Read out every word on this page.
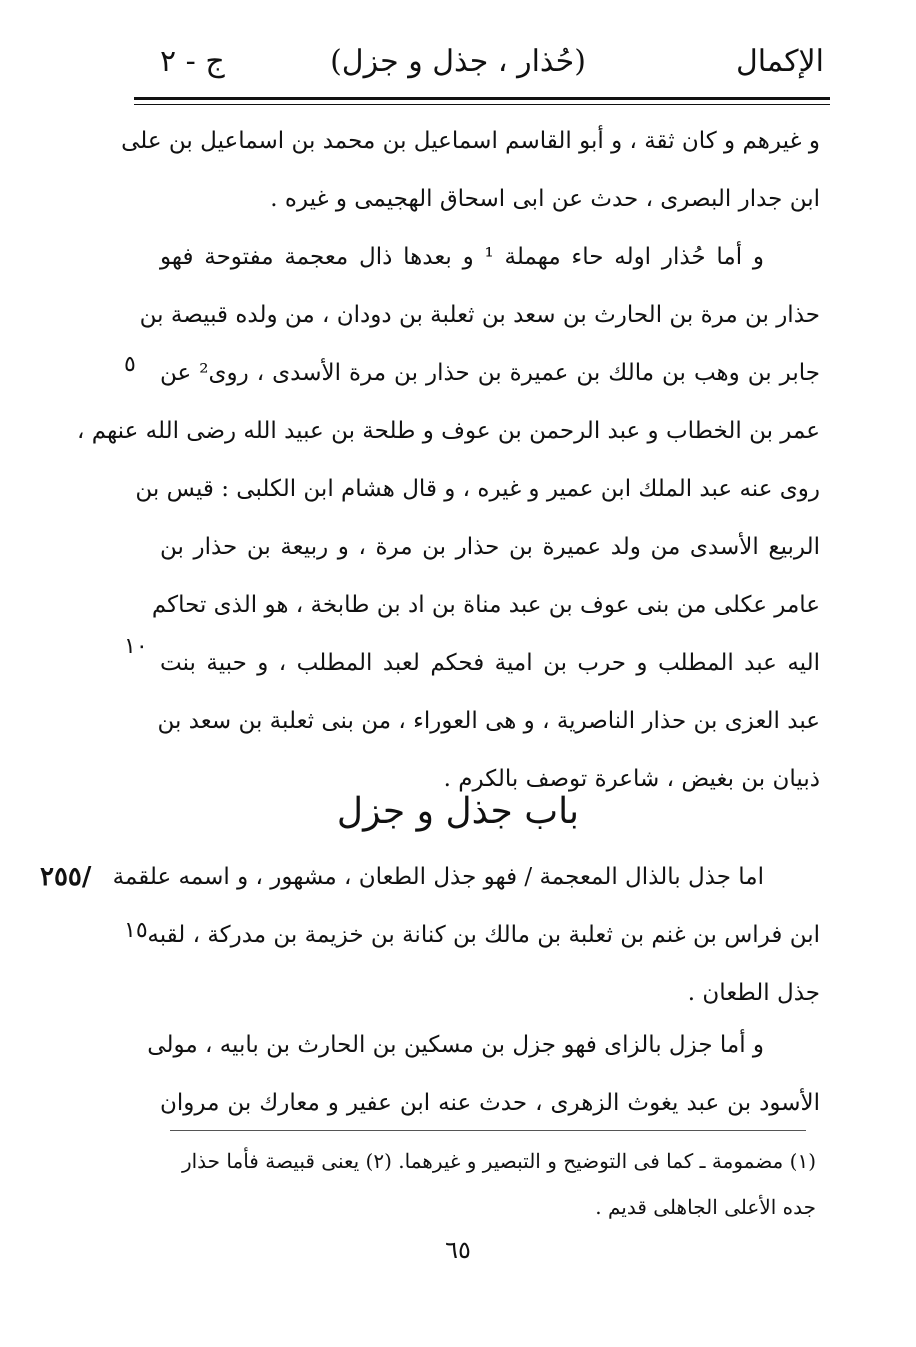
الإكمال
(حُذار ، جذل و جزل)
ج - ٢
و غيرهم و كان ثقة ، و أبو القاسم اسماعيل بن محمد بن اسماعيل بن على
ابن جدار البصرى ، حدث عن ابى اسحاق الهجيمى و غيره .
و أما حُذار اوله حاء مهملة ¹ و بعدها ذال معجمة مفتوحة فهو
حذار بن مرة بن الحارث بن سعد بن ثعلبة بن دودان ، من ولده قبيصة بن
جابر بن وهب بن مالك بن عميرة بن حذار بن مرة الأسدى ، روى² عن
عمر بن الخطاب و عبد الرحمن بن عوف و طلحة بن عبيد الله رضى الله عنهم ،
روى عنه عبد الملك ابن عمير و غيره ، و قال هشام ابن الكلبى : قيس بن
الربيع الأسدى من ولد عميرة بن حذار بن مرة ، و ربيعة بن حذار بن
عامر عكلى من بنى عوف بن عبد مناة بن اد بن طابخة ، هو الذى تحاكم
اليه عبد المطلب و حرب بن امية فحكم لعبد المطلب ، و حبية بنت
عبد العزى بن حذار الناصرية ، و هى العوراء ، من بنى ثعلبة بن سعد بن
ذبيان بن بغيض ، شاعرة توصف بالكرم .
٥
١٠
١٥
باب جذل و جزل
/٢٥٥ اما جذل بالذال المعجمة / فهو جذل الطعان ، مشهور ، و اسمه علقمة
ابن فراس بن غنم بن ثعلبة بن مالك بن كنانة بن خزيمة بن مدركة ، لقبه
جذل الطعان .
و أما جزل بالزاى فهو جزل بن مسكين بن الحارث بن بابيه ، مولى
الأسود بن عبد يغوث الزهرى ، حدث عنه ابن عفير و معارك بن مروان
(١) مضمومة ـ كما فى التوضيح و التبصير و غيرهما. (٢) يعنى قبيصة فأما حذار
جده الأعلى الجاهلى قديم .
٦٥
